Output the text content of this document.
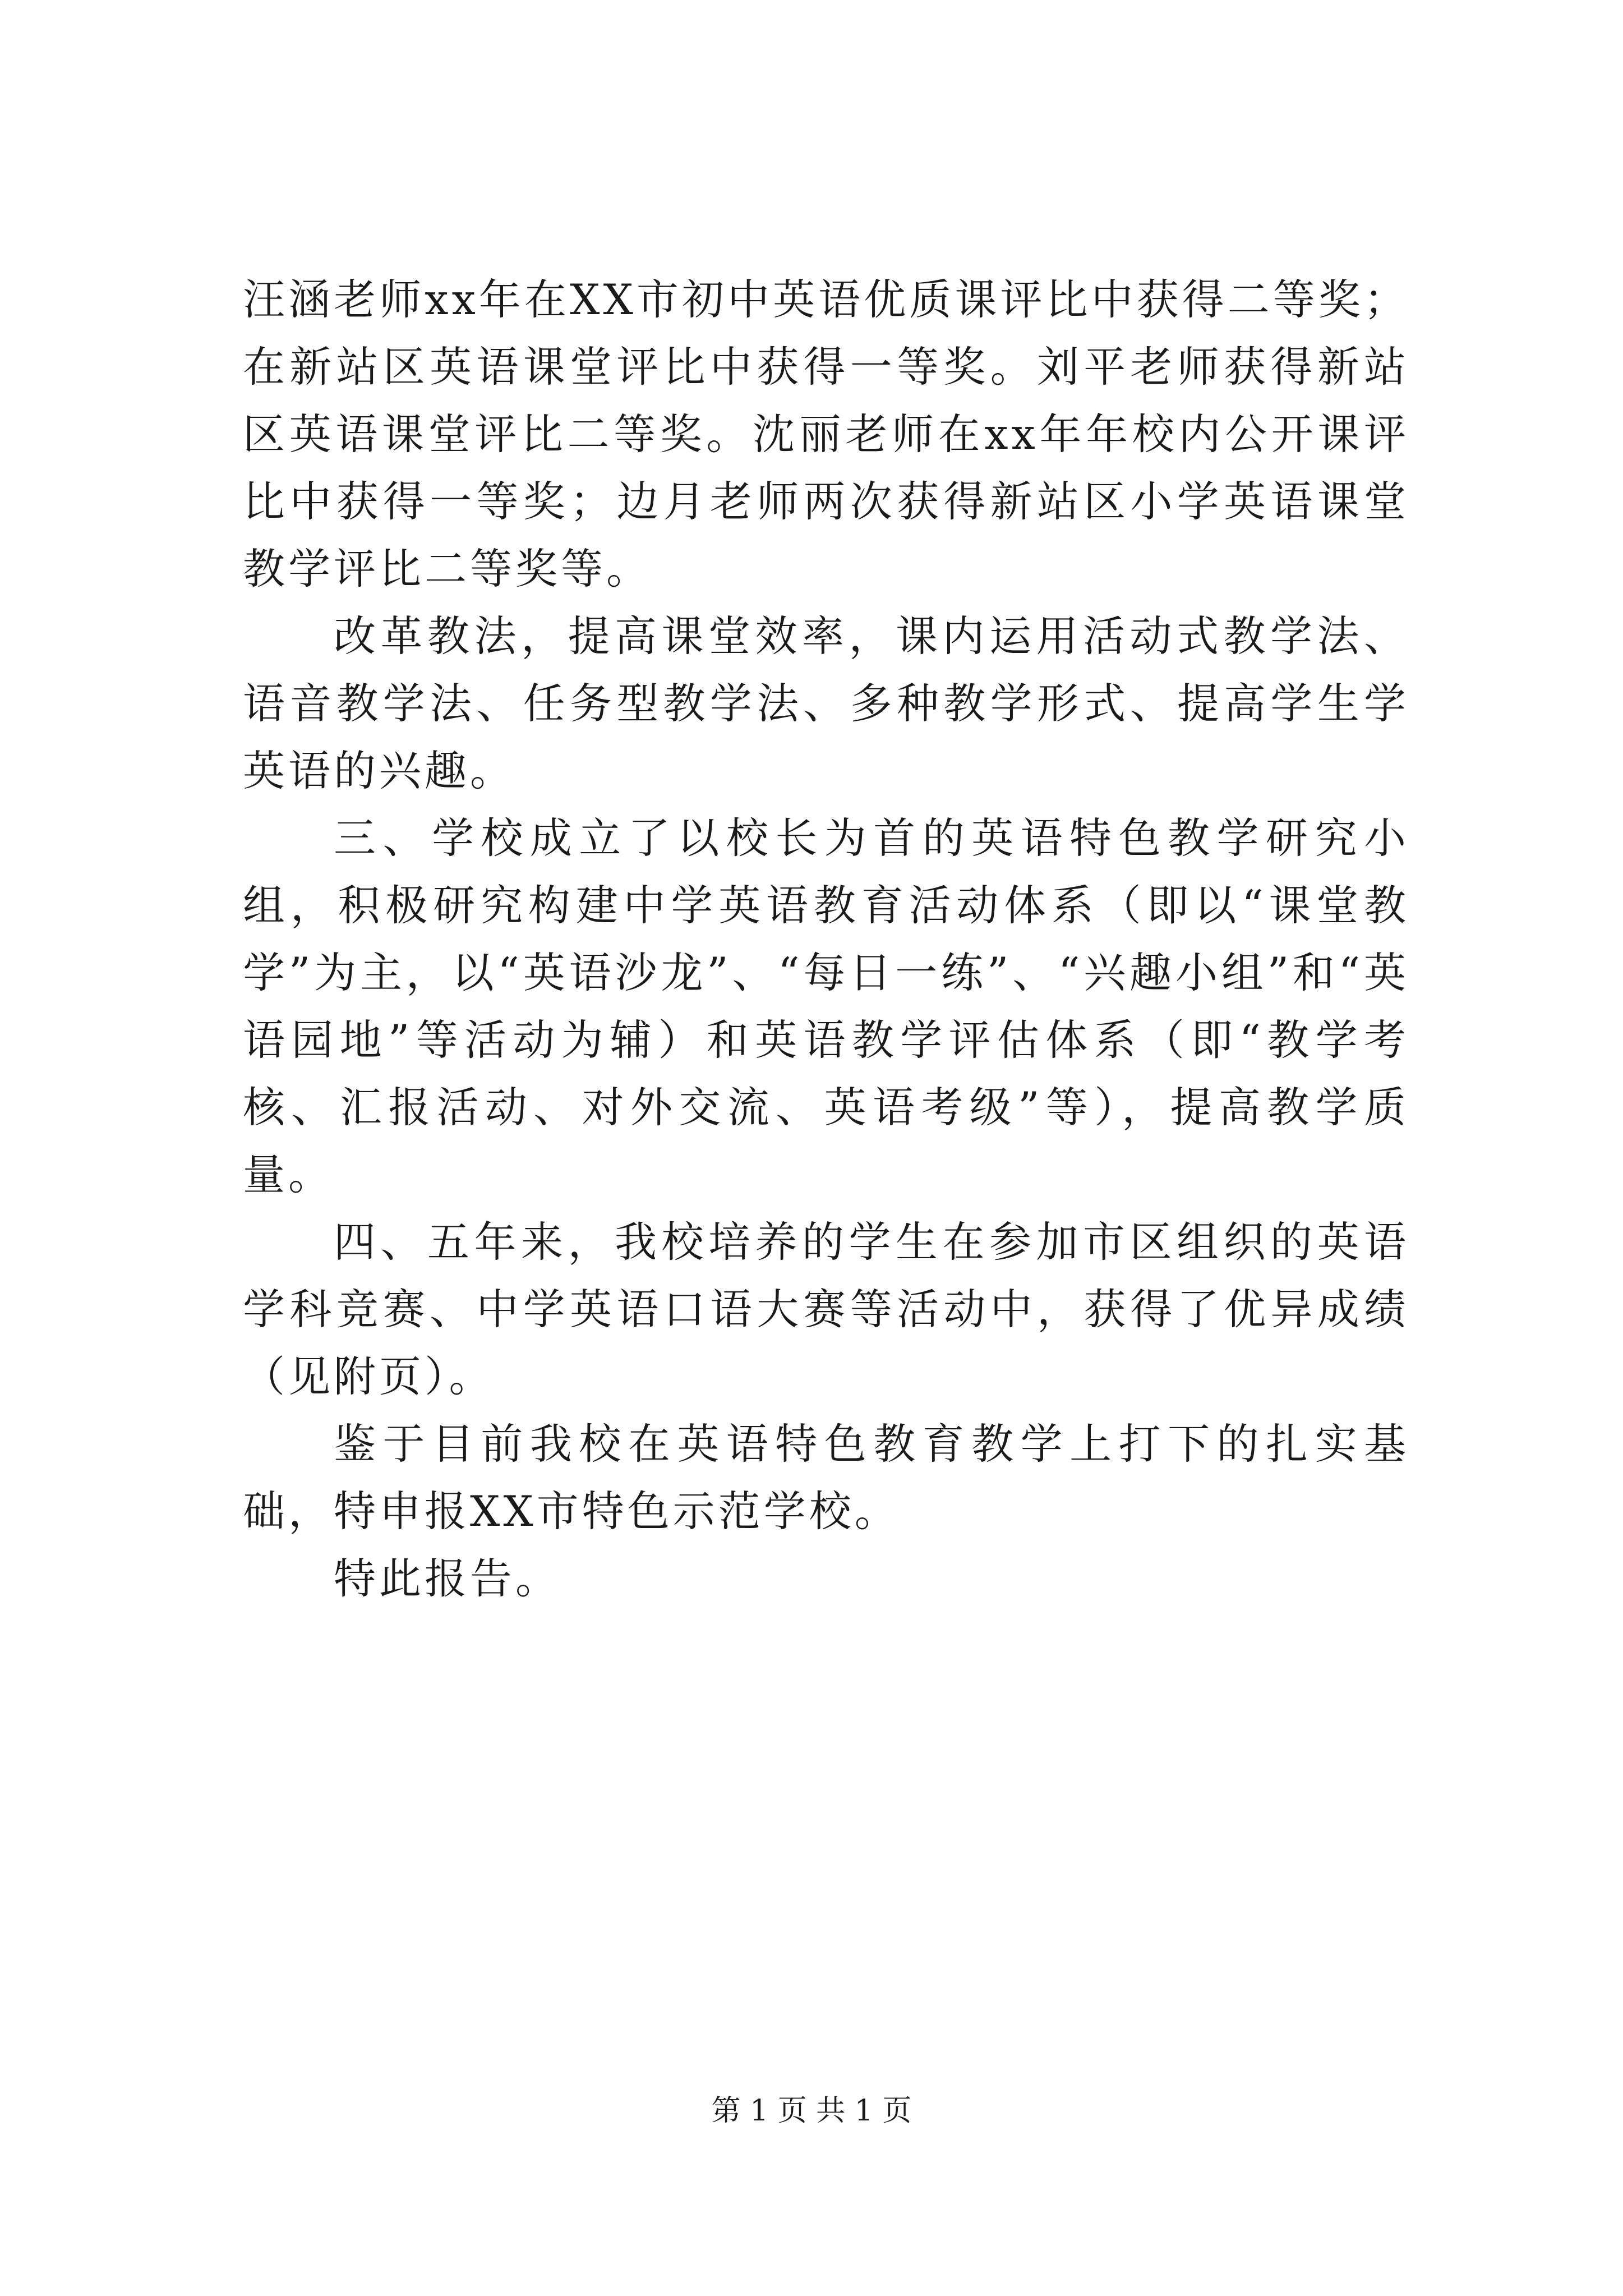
汪涵老师xx年在XX市初中英语优质课评比中获得二等奖；在新站区英语课堂评比中获得一等奖。刘平老师获得新站区英语课堂评比二等奖。沈丽老师在xx年年校内公开课评比中获得一等奖；边月老师两次获得新站区小学英语课堂教学评比二等奖等。

改革教法，提高课堂效率，课内运用活动式教学法、语音教学法、任务型教学法、多种教学形式、提高学生学英语的兴趣。

三、学校成立了以校长为首的英语特色教学研究小组，积极研究构建中学英语教育活动体系（即以“课堂教学”为主，以“英语沙龙”、“每日一练”、“兴趣小组”和“英语园地”等活动为辅）和英语教学评估体系（即“教学考核、汇报活动、对外交流、英语考级”等），提高教学质量。

四、五年来，我校培养的学生在参加市区组织的英语学科竞赛、中学英语口语大赛等活动中，获得了优异成绩（见附页）。

鉴于目前我校在英语特色教育教学上打下的扎实基础，特申报XX市特色示范学校。

特此报告。

第 1 页 共 1 页
